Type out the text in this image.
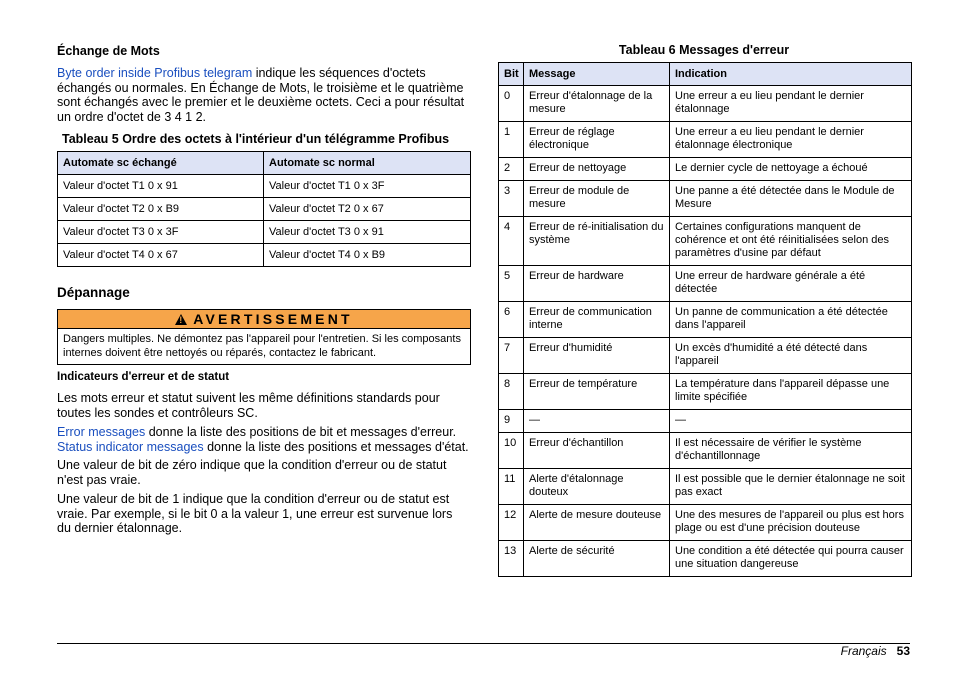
Échange de Mots
Byte order inside Profibus telegram indique les séquences d'octets
échangés ou normales. En Échange de Mots, le troisième et le quatrième
sont échangés avec le premier et le deuxième octets. Ceci a pour résultat
un ordre d'octet de 3 4 1 2.
Tableau 5 Ordre des octets à l'intérieur d'un télégramme Profibus
Automate sc échangé	Automate sc normal
Valeur d'octet T1 0 x 91	Valeur d'octet T1 0 x 3F
Valeur d'octet T2 0 x B9	Valeur d'octet T2 0 x 67
Valeur d'octet T3 0 x 3F	Valeur d'octet T3 0 x 91
Valeur d'octet T4 0 x 67	Valeur d'octet T4 0 x B9
Dépannage
! AVERTISSEMENT
Dangers multiples. Ne démontez pas l'appareil pour l'entretien. Si les composants
internes doivent être nettoyés ou réparés, contactez le fabricant.
Indicateurs d'erreur et de statut
Les mots erreur et statut suivent les même définitions standards pour
toutes les sondes et contrôleurs SC.
Error messages donne la liste des positions de bit et messages d'erreur.
Status indicator messages donne la liste des positions et messages d'état.
Une valeur de bit de zéro indique que la condition d'erreur ou de statut
n'est pas vraie.
Une valeur de bit de 1 indique que la condition d'erreur ou de statut est
vraie. Par exemple, si le bit 0 a la valeur 1, une erreur est survenue lors
du dernier étalonnage.
Tableau 6 Messages d'erreur
Bit	Message	Indication
0	Erreur d'étalonnage de la mesure	Une erreur a eu lieu pendant le dernier étalonnage
1	Erreur de réglage électronique	Une erreur a eu lieu pendant le dernier étalonnage électronique
2	Erreur de nettoyage	Le dernier cycle de nettoyage a échoué
3	Erreur de module de mesure	Une panne a été détectée dans le Module de Mesure
4	Erreur de ré-initialisation du système	Certaines configurations manquent de cohérence et ont été réinitialisées selon des paramètres d'usine par défaut
5	Erreur de hardware	Une erreur de hardware générale a été détectée
6	Erreur de communication interne	Un panne de communication a été détectée dans l'appareil
7	Erreur d'humidité	Un excès d'humidité a été détecté dans l'appareil
8	Erreur de température	La température dans l'appareil dépasse une limite spécifiée
9	—	—
10	Erreur d'échantillon	Il est nécessaire de vérifier le système d'échantillonnage
11	Alerte d'étalonnage douteux	Il est possible que le dernier étalonnage ne soit pas exact
12	Alerte de mesure douteuse	Une des mesures de l'appareil ou plus est hors plage ou est d'une précision douteuse
13	Alerte de sécurité	Une condition a été détectée qui pourra causer une situation dangereuse
Français 53
